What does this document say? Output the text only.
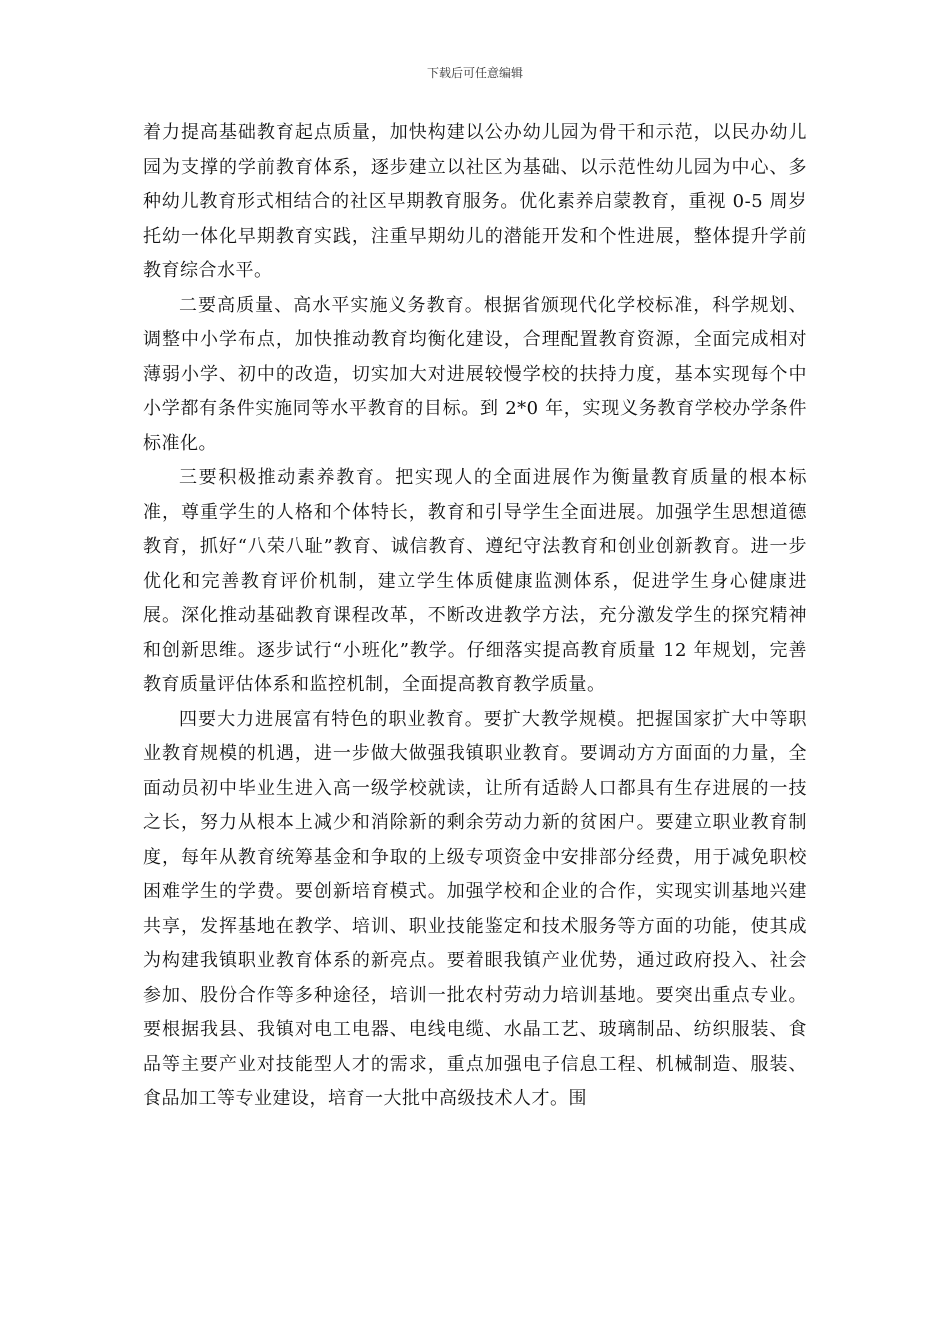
下载后可任意编辑

着力提高基础教育起点质量，加快构建以公办幼儿园为骨干和示范，以民办幼儿园为支撑的学前教育体系，逐步建立以社区为基础、以示范性幼儿园为中心、多种幼儿教育形式相结合的社区早期教育服务。优化素养启蒙教育，重视 0-5 周岁托幼一体化早期教育实践，注重早期幼儿的潜能开发和个性进展，整体提升学前教育综合水平。

二要高质量、高水平实施义务教育。根据省颁现代化学校标准，科学规划、调整中小学布点，加快推动教育均衡化建设，合理配置教育资源，全面完成相对薄弱小学、初中的改造，切实加大对进展较慢学校的扶持力度，基本实现每个中小学都有条件实施同等水平教育的目标。到 2*0 年，实现义务教育学校办学条件标准化。

三要积极推动素养教育。把实现人的全面进展作为衡量教育质量的根本标准，尊重学生的人格和个体特长，教育和引导学生全面进展。加强学生思想道德教育，抓好“八荣八耻”教育、诚信教育、遵纪守法教育和创业创新教育。进一步优化和完善教育评价机制，建立学生体质健康监测体系，促进学生身心健康进展。深化推动基础教育课程改革，不断改进教学方法，充分激发学生的探究精神和创新思维。逐步试行“小班化”教学。仔细落实提高教育质量 12 年规划，完善教育质量评估体系和监控机制，全面提高教育教学质量。

四要大力进展富有特色的职业教育。要扩大教学规模。把握国家扩大中等职业教育规模的机遇，进一步做大做强我镇职业教育。要调动方方面面的力量，全面动员初中毕业生进入高一级学校就读，让所有适龄人口都具有生存进展的一技之长，努力从根本上减少和消除新的剩余劳动力新的贫困户。要建立职业教育制度，每年从教育统筹基金和争取的上级专项资金中安排部分经费，用于减免职校困难学生的学费。要创新培育模式。加强学校和企业的合作，实现实训基地兴建共享，发挥基地在教学、培训、职业技能鉴定和技术服务等方面的功能，使其成为构建我镇职业教育体系的新亮点。要着眼我镇产业优势，通过政府投入、社会参加、股份合作等多种途径，培训一批农村劳动力培训基地。要突出重点专业。要根据我县、我镇对电工电器、电线电缆、水晶工艺、玻璃制品、纺织服装、食品等主要产业对技能型人才的需求，重点加强电子信息工程、机械制造、服装、食品加工等专业建设，培育一大批中高级技术人才。围
